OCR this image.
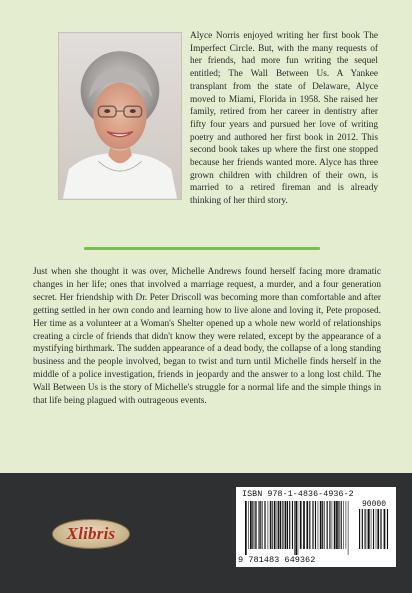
Alyce Norris enjoyed writing her first book The Imperfect Circle. But, with the many requests of her friends, had more fun writing the sequel entitled; The Wall Between Us. A Yankee transplant from the state of Delaware, Alyce moved to Miami, Florida in 1958. She raised her family, retired from her career in dentistry after fifty four years and pursued her love of writing poetry and authored her first book in 2012. This second book takes up where the first one stopped because her friends wanted more. Alyce has three grown children with children of their own, is married to a retired fireman and is already thinking of her third story.

Just when she thought it was over, Michelle Andrews found herself facing more dramatic changes in her life; ones that involved a marriage request, a murder, and a four generation secret. Her friendship with Dr. Peter Driscoll was becoming more than comfortable and after getting settled in her own condo and learning how to live alone and loving it, Pete proposed. Her time as a volunteer at a Woman's Shelter opened up a whole new world of relationships creating a circle of friends that didn't know they were related, except by the appearance of a mystifying birthmark. The sudden appearance of a dead body, the collapse of a long standing business and the people involved, began to twist and turn until Michelle finds herself in the middle of a police investigation, friends in jeopardy and the answer to a long lost child. The Wall Between Us is the story of Michelle's struggle for a normal life and the simple things in that life being plagued with outrageous events.

Xlibris
ISBN 978-1-4836-4936-2
90000
9 781483 649362
